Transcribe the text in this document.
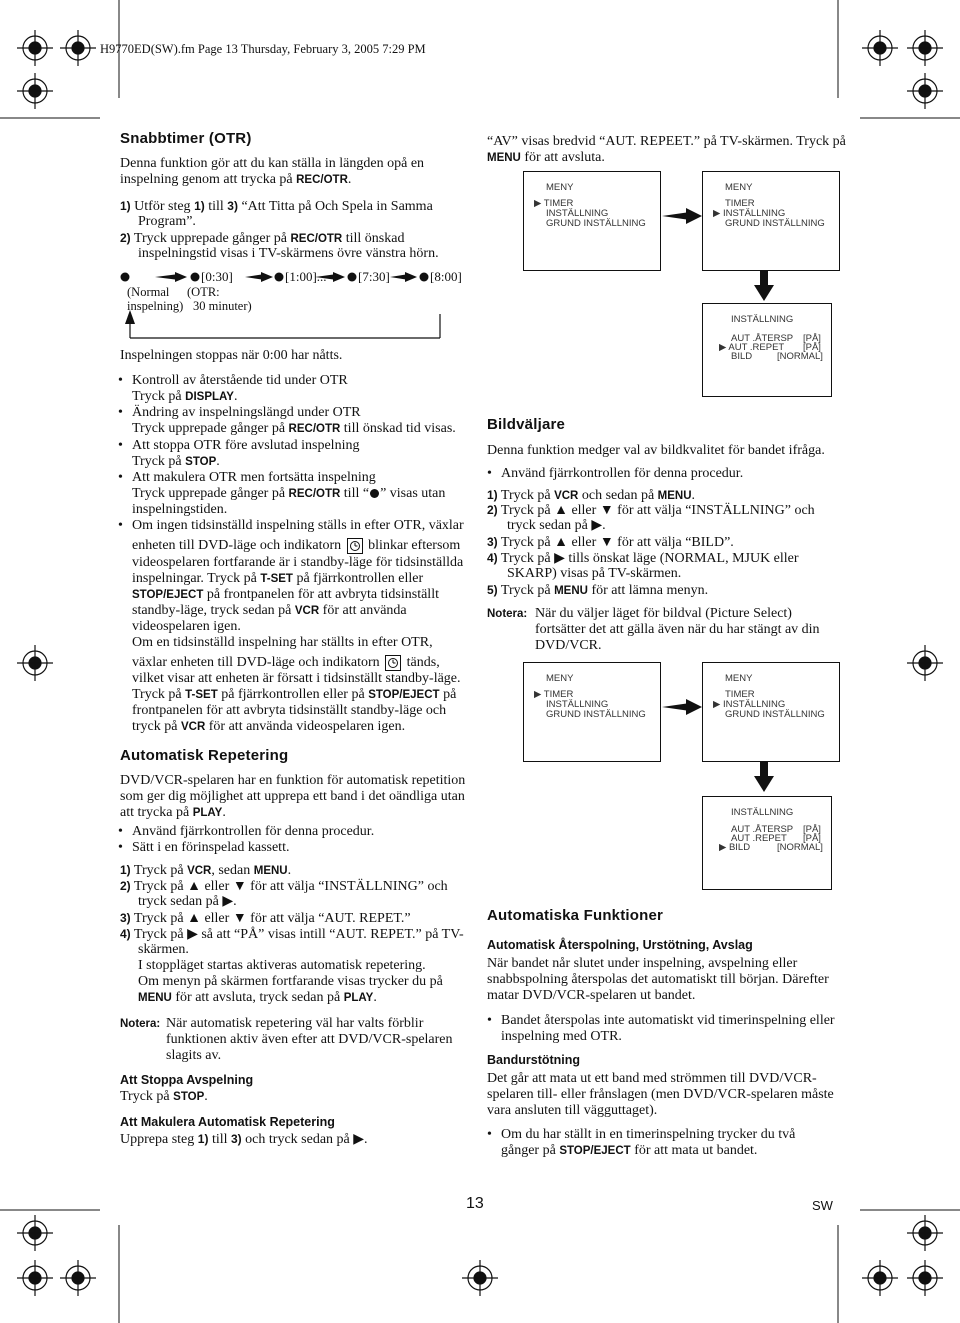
H9770ED(SW).fm Page 13 Thursday, February 3, 2005 7:29 PM
Snabbtimer (OTR)
Denna funktion gör att du kan ställa in längden opå en
inspelning genom att trycka på REC/OTR.
1) Utför steg 1) till 3) “Att Titta på Och Spela in Samma
Program”.
2) Tryck upprepade gånger på REC/OTR till önskad
inspelningstid visas i TV-skärmens övre vänstra hörn.
[0:30]	[1:00]... [7:30]	[8:00]
(Normal
inspelning)
(OTR:
30 minuter)
Inspelningen stoppas när 0:00 har nåtts.
• Kontroll av återstående tid under OTR
Tryck på DISPLAY.
• Ändring av inspelningslängd under OTR
Tryck upprepade gånger på REC/OTR till önskad tid visas.
• Att stoppa OTR före avslutad inspelning
Tryck på STOP.
• Att makulera OTR men fortsätta inspelning
Tryck upprepade gånger på REC/OTR till “ ” visas utan
inspelningstiden.
• Om ingen tidsinställd inspelning ställs in efter OTR, växlar
enheten till DVD-läge och indikatorn
blinkar eftersom
videospelaren fortfarande är i standby-läge för tidsinställda
inspelningar. Tryck på T-SET på fjärrkontrollen eller
STOP/EJECT på frontpanelen för att avbryta tidsinställt
standby-läge, tryck sedan på VCR för att använda
videospelaren igen.
Om en tidsinställd inspelning har ställts in efter OTR,
växlar enheten till DVD-läge och indikatorn
tänds,
vilket visar att enheten är försatt i tidsinställt standby-läge.
Tryck på T-SET på fjärrkontrollen eller på STOP/EJECT på
frontpanelen för att avbryta tidsinställt standby-läge och
tryck på VCR för att använda videospelaren igen.
Automatisk Repetering
DVD/VCR-spelaren har en funktion för automatisk repetition
som ger dig möjlighet att upprepa ett band i det oändliga utan
att trycka på PLAY.
• Använd fjärrkontrollen för denna procedur.
• Sätt i en förinspelad kassett.
1) Tryck på VCR, sedan MENU.
2) Tryck på ▲ eller ▼ för att välja “INSTÄLLNING” och
tryck sedan på ▶.
3) Tryck på ▲ eller ▼ för att välja “AUT. REPET.”
4) Tryck på ▶ så att “PÅ” visas intill “AUT. REPET.” på TV-
skärmen.
I stoppläget startas aktiveras automatisk repetering.
Om menyn på skärmen fortfarande visas trycker du på
MENU för att avsluta, tryck sedan på PLAY.
Notera: När automatisk repetering väl har valts förblir
funktionen aktiv även efter att DVD/VCR-spelaren
slagits av.
Att Stoppa Avspelning
Tryck på STOP.
Att Makulera Automatisk Repetering
Upprepa steg 1) till 3) och tryck sedan på ▶.
“AV” visas bredvid “AUT. REPEET.” på TV-skärmen. Tryck på
MENU för att avsluta.
MENY
▶ TIMER
INSTÄLLNING
GRUND INSTÄLLNING
MENY
TIMER
▶ INSTÄLLNING
GRUND INSTÄLLNING
INSTÄLLNING
AUT .ÅTERSP [PÅ]
▶ AUT .REPET [PÅ]
BILD	[NORMAL]
Bildväljare
Denna funktion medger val av bildkvalitet för bandet ifråga.
• Använd fjärrkontrollen för denna procedur.
1) Tryck på VCR och sedan på MENU.
2) Tryck på ▲ eller ▼ för att välja “INSTÄLLNING” och
tryck sedan på ▶.
3) Tryck på ▲ eller ▼ för att välja “BILD”.
4) Tryck på ▶ tills önskat läge (NORMAL, MJUK eller
SKARP) visas på TV-skärmen.
5) Tryck på MENU för att lämna menyn.
Notera: När du väljer läget för bildval (Picture Select)
fortsätter det att gälla även när du har stängt av din
DVD/VCR.
MENY
▶ TIMER
INSTÄLLNING
GRUND INSTÄLLNING
MENY
TIMER
▶ INSTÄLLNING
GRUND INSTÄLLNING
INSTÄLLNING
AUT .ÅTERSP [PÅ]
AUT .REPET [PÅ]
▶ BILD	[NORMAL]
Automatiska Funktioner
Automatisk Återspolning, Urstötning, Avslag
När bandet når slutet under inspelning, avspelning eller
snabbspolning återspolas det automatiskt till början. Därefter
matar DVD/VCR-spelaren ut bandet.
• Bandet återspolas inte automatiskt vid timerinspelning eller
inspelning med OTR.
Bandurstötning
Det går att mata ut ett band med strömmen till DVD/VCR-
spelaren till- eller frånslagen (men DVD/VCR-spelaren måste
vara ansluten till vägguttaget).
• Om du har ställt in en timerinspelning trycker du två
gånger på STOP/EJECT för att mata ut bandet.
13	SW
